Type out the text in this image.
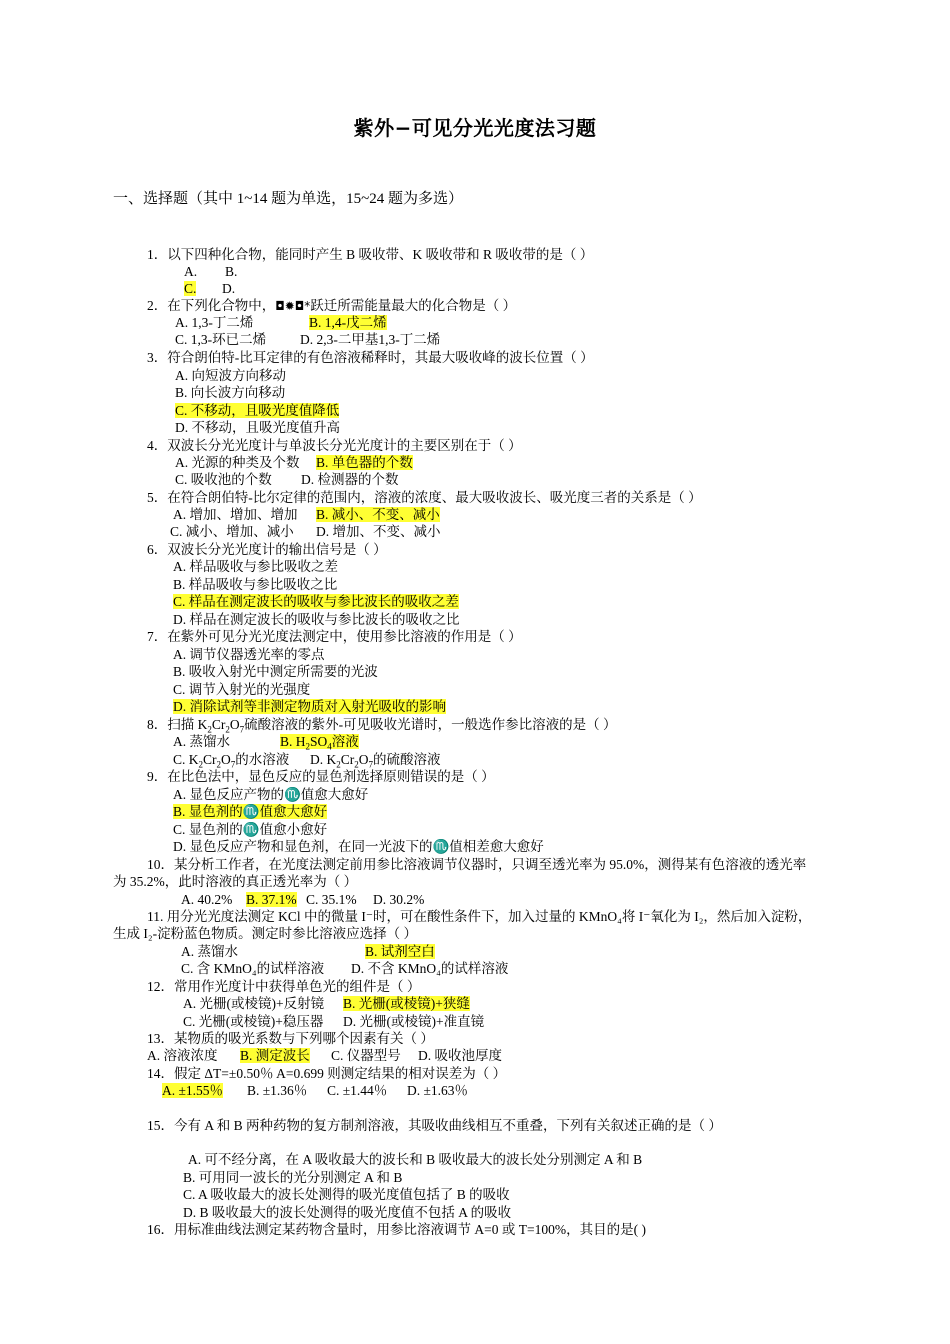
紫外−可见分光光度法习题
一、选择题（其中 1~14 题为单选，15~24 题为多选）
1．以下四种化合物，能同时产生 B 吸收带、K 吸收带和 R 吸收带的是（ ）
A. B.
C. D.
2．在下列化合物中，◘✹◘*跃迁所需能量最大的化合物是（ ）
A. 1,3-丁二烯	B. 1,4-戊二烯
C. 1,3-环已二烯	D. 2,3-二甲基1,3-丁二烯
3．符合朗伯特-比耳定律的有色溶液稀释时，其最大吸收峰的波长位置（ ）
A. 向短波方向移动
B. 向长波方向移动
C. 不移动，且吸光度值降低
D. 不移动，且吸光度值升高
4．双波长分光光度计与单波长分光光度计的主要区别在于（ ）
A. 光源的种类及个数 B. 单色器的个数
C. 吸收池的个数 D. 检测器的个数
5．在符合朗伯特-比尔定律的范围内，溶液的浓度、最大吸收波长、吸光度三者的关系是（ ）
A. 增加、增加、增加 B. 减小、不变、减小
C. 减小、增加、减小 D. 增加、不变、减小
6．双波长分光光度计的输出信号是（ ）
A. 样品吸收与参比吸收之差
B. 样品吸收与参比吸收之比
C. 样品在测定波长的吸收与参比波长的吸收之差
D. 样品在测定波长的吸收与参比波长的吸收之比
7．在紫外可见分光光度法测定中，使用参比溶液的作用是（ ）
A. 调节仪器透光率的零点
B. 吸收入射光中测定所需要的光波
C. 调节入射光的光强度
D. 消除试剂等非测定物质对入射光吸收的影响
8．扫描 $K_2Cr_2O_7$硫酸溶液的紫外-可见吸收光谱时，一般选作参比溶液的是（ ）
A. 蒸馏水	B. $H_2SO_4$溶液
C. $K_2Cr_2O_7$的水溶液 D. $K_2Cr_2O_7$的硫酸溶液
9．在比色法中，显色反应的显色剂选择原则错误的是（ ）
A. 显色反应产物的♏值愈大愈好
B. 显色剂的♏值愈大愈好
C. 显色剂的♏值愈小愈好
D. 显色反应产物和显色剂，在同一光波下的♏值相差愈大愈好
10．某分析工作者，在光度法测定前用参比溶液调节仪器时，只调至透光率为 95.0%，测得某有色溶液的透光率
为 35.2%，此时溶液的真正透光率为（ ）
A. 40.2% B. 37.1% C. 35.1% D. 30.2%
11. 用分光光度法测定 KCl 中的微量 I⁻时，可在酸性条件下，加入过量的 KMnO₄将 I⁻氧化为 I₂，然后加入淀粉，
生成 I₂-淀粉蓝色物质。测定时参比溶液应选择（ ）
A. 蒸馏水	B. 试剂空白
C. 含 KMnO₄的试样溶液 D. 不含 KMnO₄的试样溶液
12．常用作光度计中获得单色光的组件是（ ）
A. 光栅(或棱镜)+反射镜 B. 光栅(或棱镜)+狭缝
C. 光栅(或棱镜)+稳压器 D. 光栅(或棱镜)+准直镜
13．某物质的吸光系数与下列哪个因素有关（ ）
A. 溶液浓度 B. 测定波长 C. 仪器型号 D. 吸收池厚度
14．假定 ΔT=±0.50％ A=0.699 则测定结果的相对误差为（ ）
A. ±1.55％ B. ±1.36％ C. ±1.44％ D. ±1.63％
15．今有 A 和 B 两种药物的复方制剂溶液，其吸收曲线相互不重叠，下列有关叙述正确的是（ ）
A. 可不经分离，在 A 吸收最大的波长和 B 吸收最大的波长处分别测定 A 和 B
B. 可用同一波长的光分别测定 A 和 B
C. A 吸收最大的波长处测得的吸光度值包括了 B 的吸收
D. B 吸收最大的波长处测得的吸光度值不包括 A 的吸收
16．用标准曲线法测定某药物含量时，用参比溶液调节 A=0 或 T=100%，其目的是( )
